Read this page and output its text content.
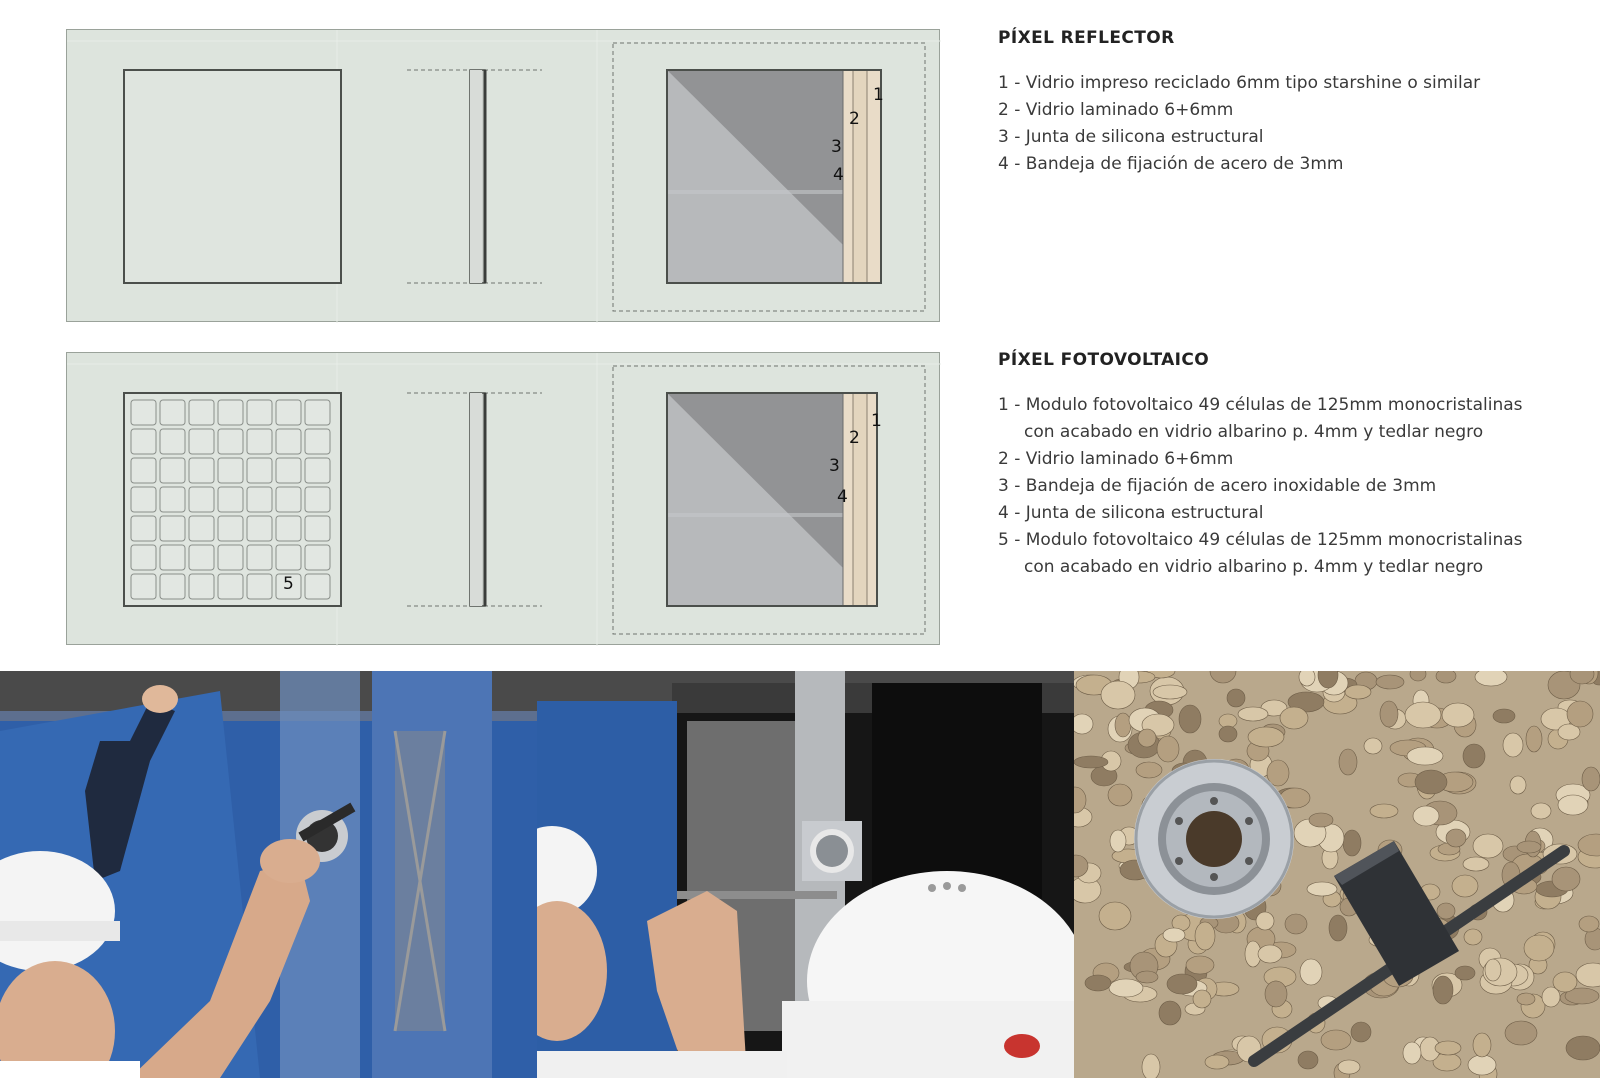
1
2
3
4
PÍXEL REFLECTOR
1 - Vidrio impreso reciclado 6mm tipo starshine o similar
2 - Vidrio laminado 6+6mm
3 - Junta de silicona estructural
4 - Bandeja de fijación de acero de 3mm
1
2
3
4
5
PÍXEL FOTOVOLTAICO
1 - Modulo fotovoltaico 49 células de 125mm monocristalinas
con acabado en vidrio albarino p. 4mm y tedlar negro
2 - Vidrio laminado 6+6mm
3 - Bandeja de fijación de acero inoxidable de 3mm
4 - Junta de silicona estructural
5 - Modulo fotovoltaico 49 células de 125mm monocristalinas
con acabado en vidrio albarino p. 4mm y tedlar negro
